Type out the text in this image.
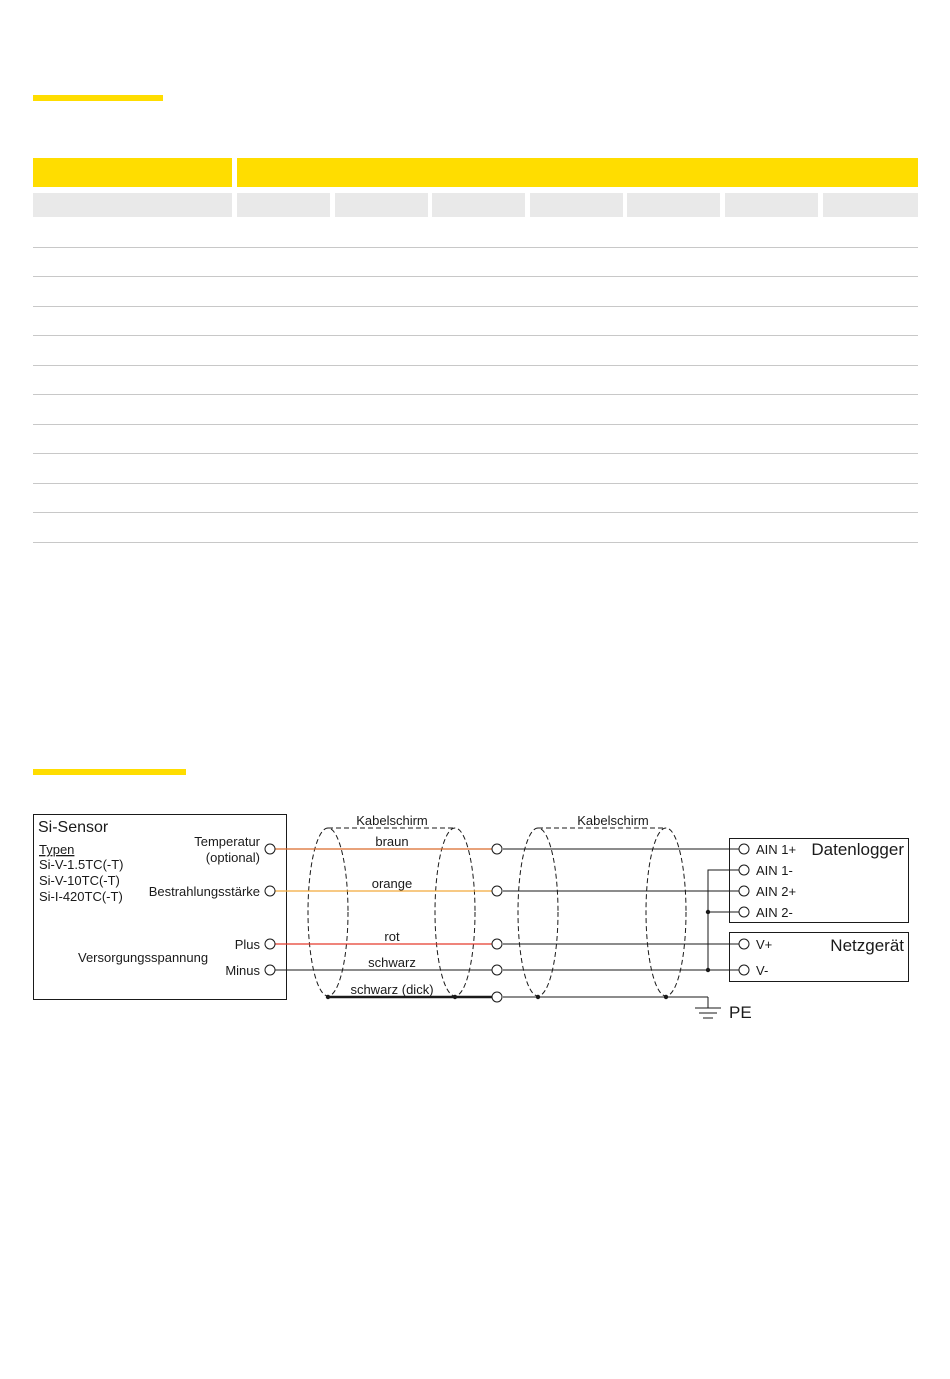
Si-Sensor
Typen
Si-V-1.5TC(-T)
Si-V-10TC(-T)
Si-I-420TC(-T)
Temperatur
(optional)
Bestrahlungsstärke
Versorgungsspannung
Plus
Minus
Kabelschirm	Kabelschirm
braun
orange
rot
schwarz
schwarz (dick)
Datenlogger
AIN 1+
AIN 1-
AIN 2+
AIN 2-
Netzgerät
V+
V-
PE
